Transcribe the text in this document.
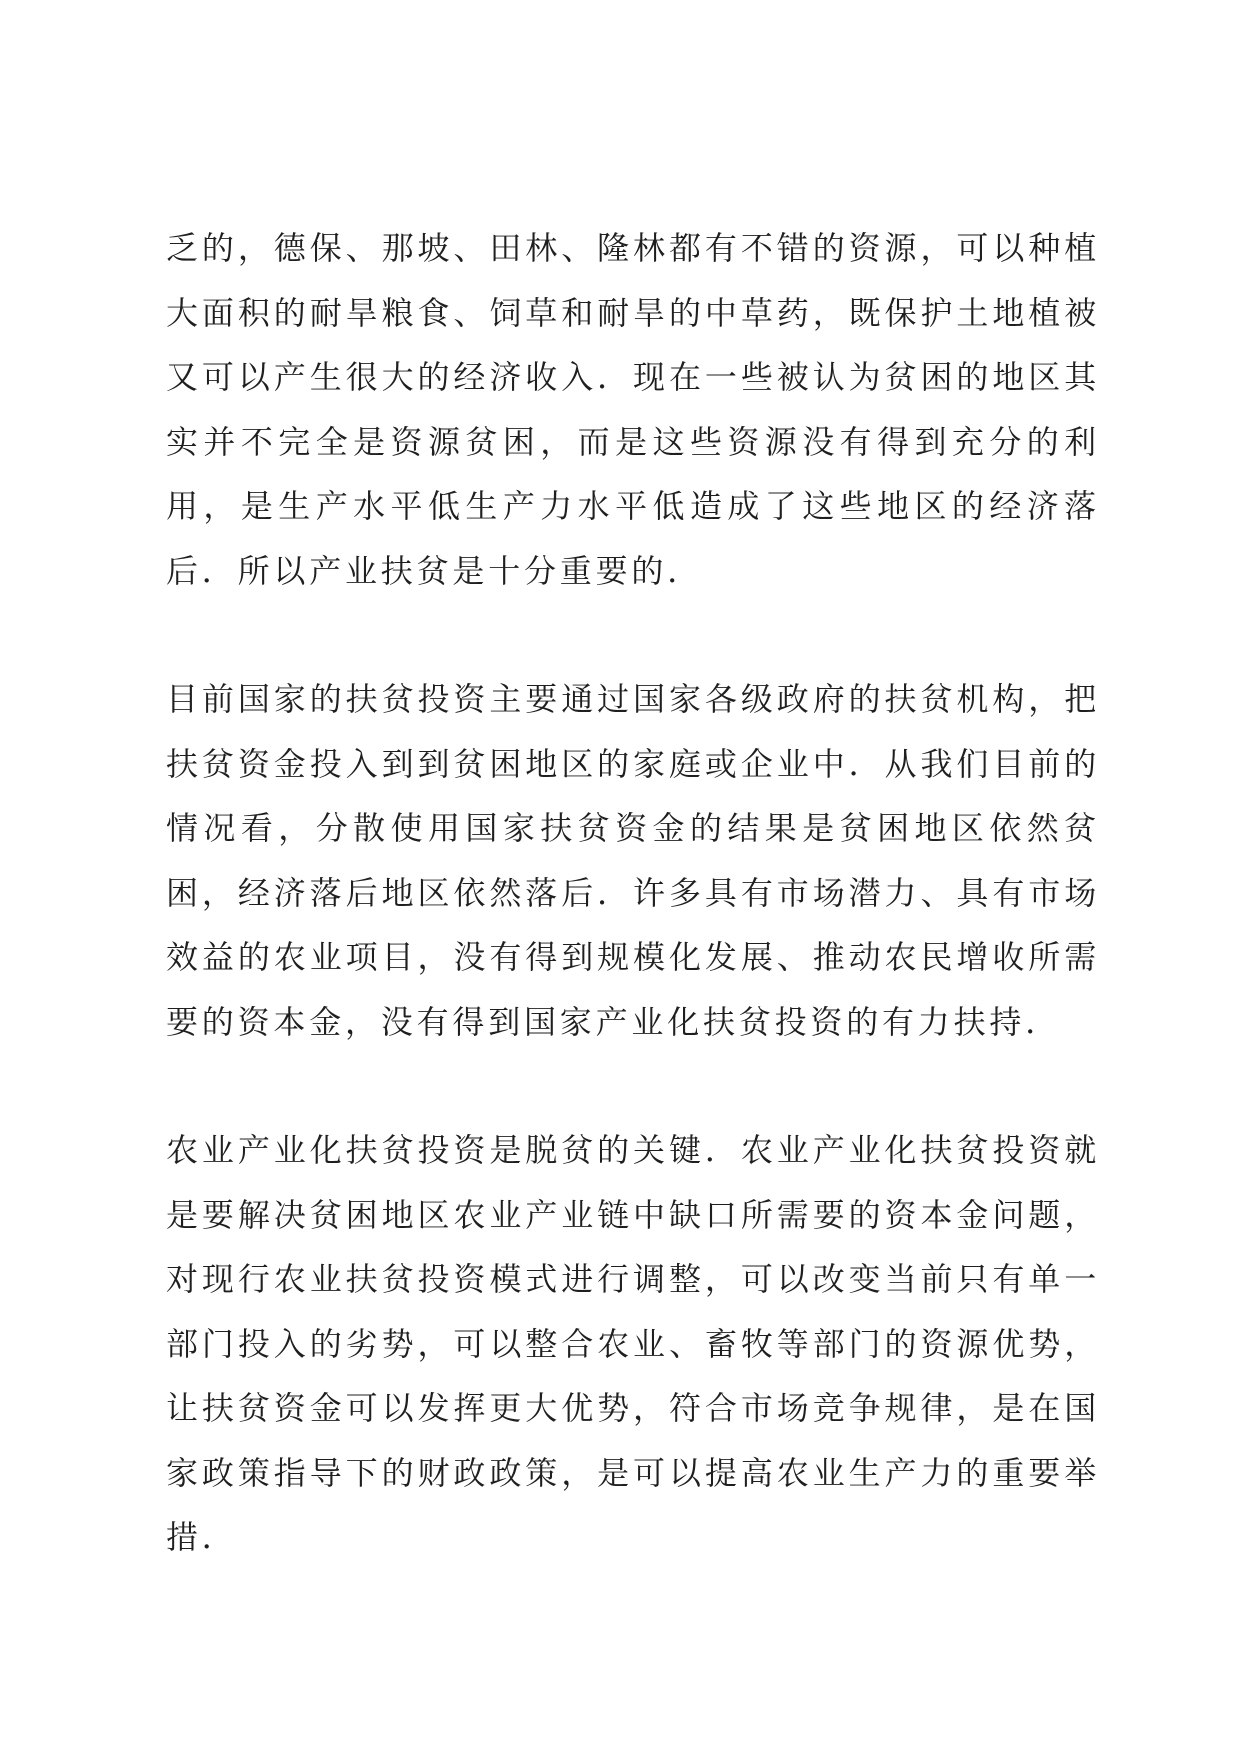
乏的，德保、那坡、田林、隆林都有不错的资源，可以种植大面积的耐旱粮食、饲草和耐旱的中草药，既保护土地植被又可以产生很大的经济收入．现在一些被认为贫困的地区其实并不完全是资源贫困，而是这些资源没有得到充分的利用，是生产水平低生产力水平低造成了这些地区的经济落后．所以产业扶贫是十分重要的．

目前国家的扶贫投资主要通过国家各级政府的扶贫机构，把扶贫资金投入到到贫困地区的家庭或企业中．从我们目前的情况看，分散使用国家扶贫资金的结果是贫困地区依然贫困，经济落后地区依然落后．许多具有市场潜力、具有市场效益的农业项目，没有得到规模化发展、推动农民增收所需要的资本金，没有得到国家产业化扶贫投资的有力扶持．

农业产业化扶贫投资是脱贫的关键．农业产业化扶贫投资就是要解决贫困地区农业产业链中缺口所需要的资本金问题，对现行农业扶贫投资模式进行调整，可以改变当前只有单一部门投入的劣势，可以整合农业、畜牧等部门的资源优势，让扶贫资金可以发挥更大优势，符合市场竞争规律，是在国家政策指导下的财政政策，是可以提高农业生产力的重要举措．
